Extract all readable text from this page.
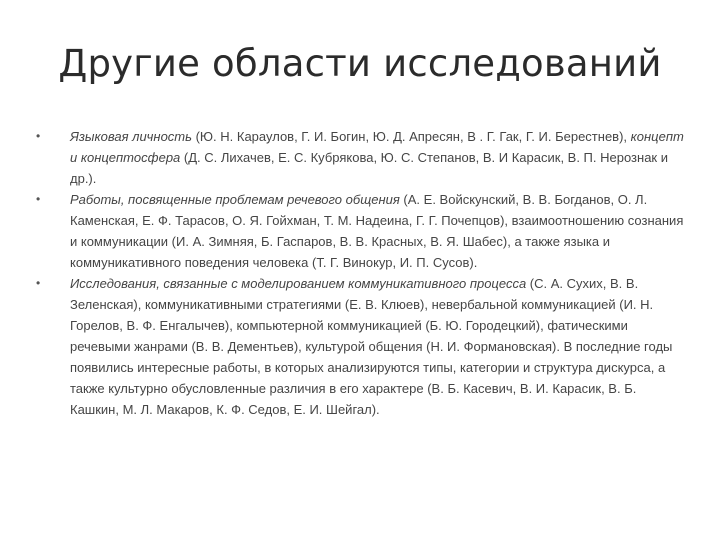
Другие области исследований
•	Языковая личность (Ю. Н. Караулов, Г. И. Богин, Ю. Д. Апресян, В . Г. Гак, Г. И. Берестнев), концепт и концептосфера (Д. С. Лихачев, Е. С. Кубрякова, Ю. С. Степанов, В. И Карасик, В. П. Нерознак и др.).
•	Работы, посвященные проблемам речевого общения (А. Е. Войскунский, В. В. Богданов, О. Л. Каменская, Е. Ф. Тарасов, О. Я. Гойхман, Т. М. Надеина, Г. Г. Почепцов), взаимоотношению сознания и коммуникации (И. А. Зимняя, Б. Гаспаров, В. В. Красных, В. Я. Шабес), а также языка и коммуникативного поведения человека (Т. Г. Винокур, И. П. Сусов).
•	Исследования, связанные с моделированием коммуникативного процесса (С. А. Сухих, В. В. Зеленская), коммуникативными стратегиями (Е. В. Клюев), невербальной коммуникацией (И. Н. Горелов, В. Ф. Енгалычев), компьютерной коммуникацией (Б. Ю. Городецкий), фатическими речевыми жанрами (В. В. Дементьев), культурой общения (Н. И. Формановская). В последние годы появились интересные работы, в которых анализируются типы, категории и структура дискурса, а также культурно обусловленные различия в его характере (В. Б. Касевич, В. И. Карасик, В. Б. Кашкин, М. Л. Макаров, К. Ф. Седов, Е. И. Шейгал).
